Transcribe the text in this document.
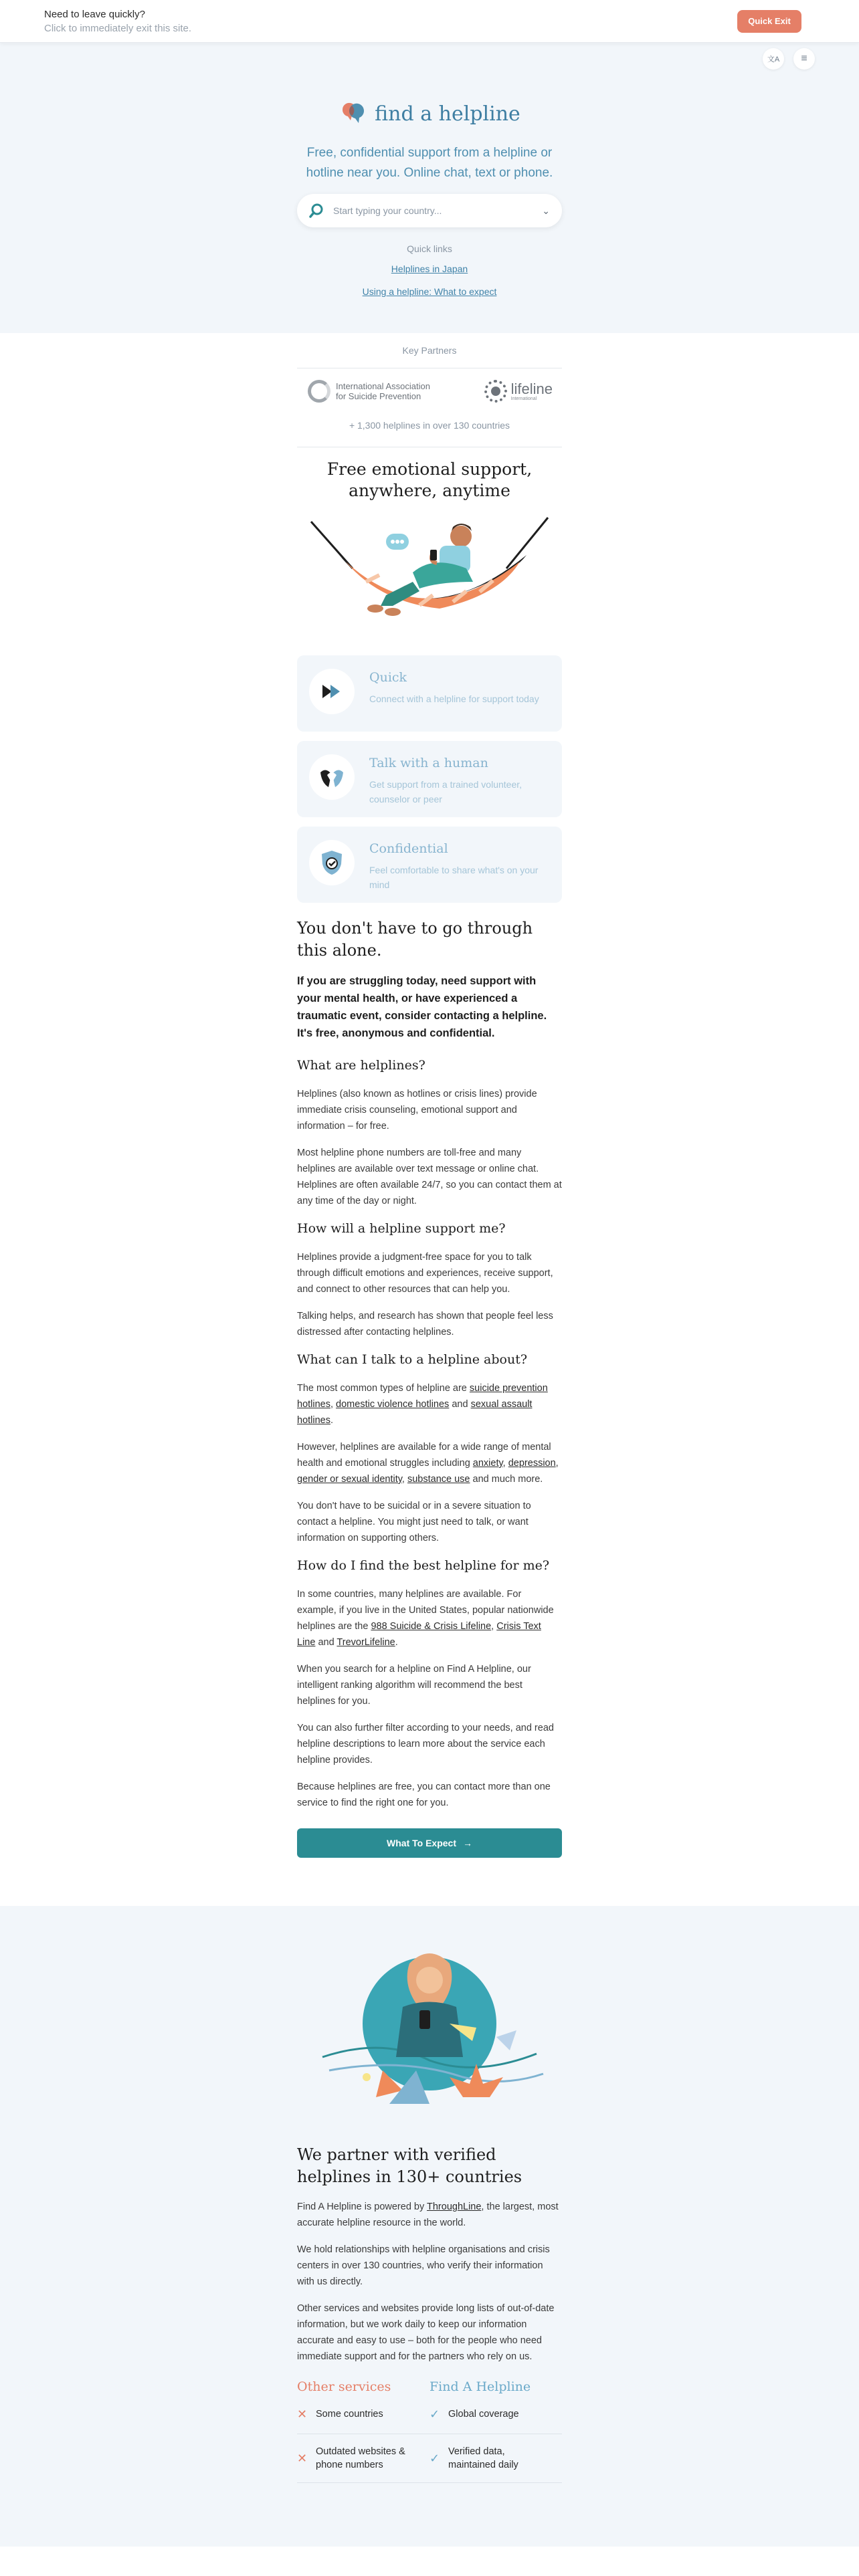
Need to leave quickly?
Click to immediately exit this site.
Quick Exit
文A ≡
find a helpline
Free, confidential support from a helpline or hotline near you. Online chat, text or phone.
Start typing your country...
⌄
Quick links
Helplines in Japan
Using a helpline: What to expect
Key Partners
International Association for Suicide Prevention	lifeline
International
+ 1,300 helplines in over 130 countries
Free emotional support, anywhere, anytime
Quick
Connect with a helpline for support today
Talk with a human
Get support from a trained volunteer, counselor or peer
Confidential
Feel comfortable to share what's on your mind
You don't have to go through this alone.
If you are struggling today, need support with your mental health, or have experienced a traumatic event, consider contacting a helpline. It's free, anonymous and confidential.
What are helplines?

Helplines (also known as hotlines or crisis lines) provide immediate crisis counseling, emotional support and information – for free.

Most helpline phone numbers are toll-free and many helplines are available over text message or online chat. Helplines are often available 24/7, so you can contact them at any time of the day or night.

How will a helpline support me?

Helplines provide a judgment-free space for you to talk through difficult emotions and experiences, receive support, and connect to other resources that can help you.

Talking helps, and research has shown that people feel less distressed after contacting helplines.

What can I talk to a helpline about?

The most common types of helpline are suicide prevention hotlines, domestic violence hotlines and sexual assault hotlines.

However, helplines are available for a wide range of mental health and emotional struggles including anxiety, depression, gender or sexual identity, substance use and much more.

You don't have to be suicidal or in a severe situation to contact a helpline. You might just need to talk, or want information on supporting others.

How do I find the best helpline for me?

In some countries, many helplines are available. For example, if you live in the United States, popular nationwide helplines are the 988 Suicide & Crisis Lifeline, Crisis Text Line and TrevorLifeline.

When you search for a helpline on Find A Helpline, our intelligent ranking algorithm will recommend the best helplines for you.

You can also further filter according to your needs, and read helpline descriptions to learn more about the service each helpline provides.

Because helplines are free, you can contact more than one service to find the right one for you.

What To Expect →
We partner with verified helplines in 130+ countries

Find A Helpline is powered by ThroughLine, the largest, most accurate helpline resource in the world.

We hold relationships with helpline organisations and crisis centers in over 130 countries, who verify their information with us directly.

Other services and websites provide long lists of out-of-date information, but we work daily to keep our information accurate and easy to use – both for the people who need immediate support and for the partners who rely on us.

Other services	Find A Helpline
✕ Some countries	✓ Global coverage
✕ Outdated websites & phone numbers	✓ Verified data, maintained daily
